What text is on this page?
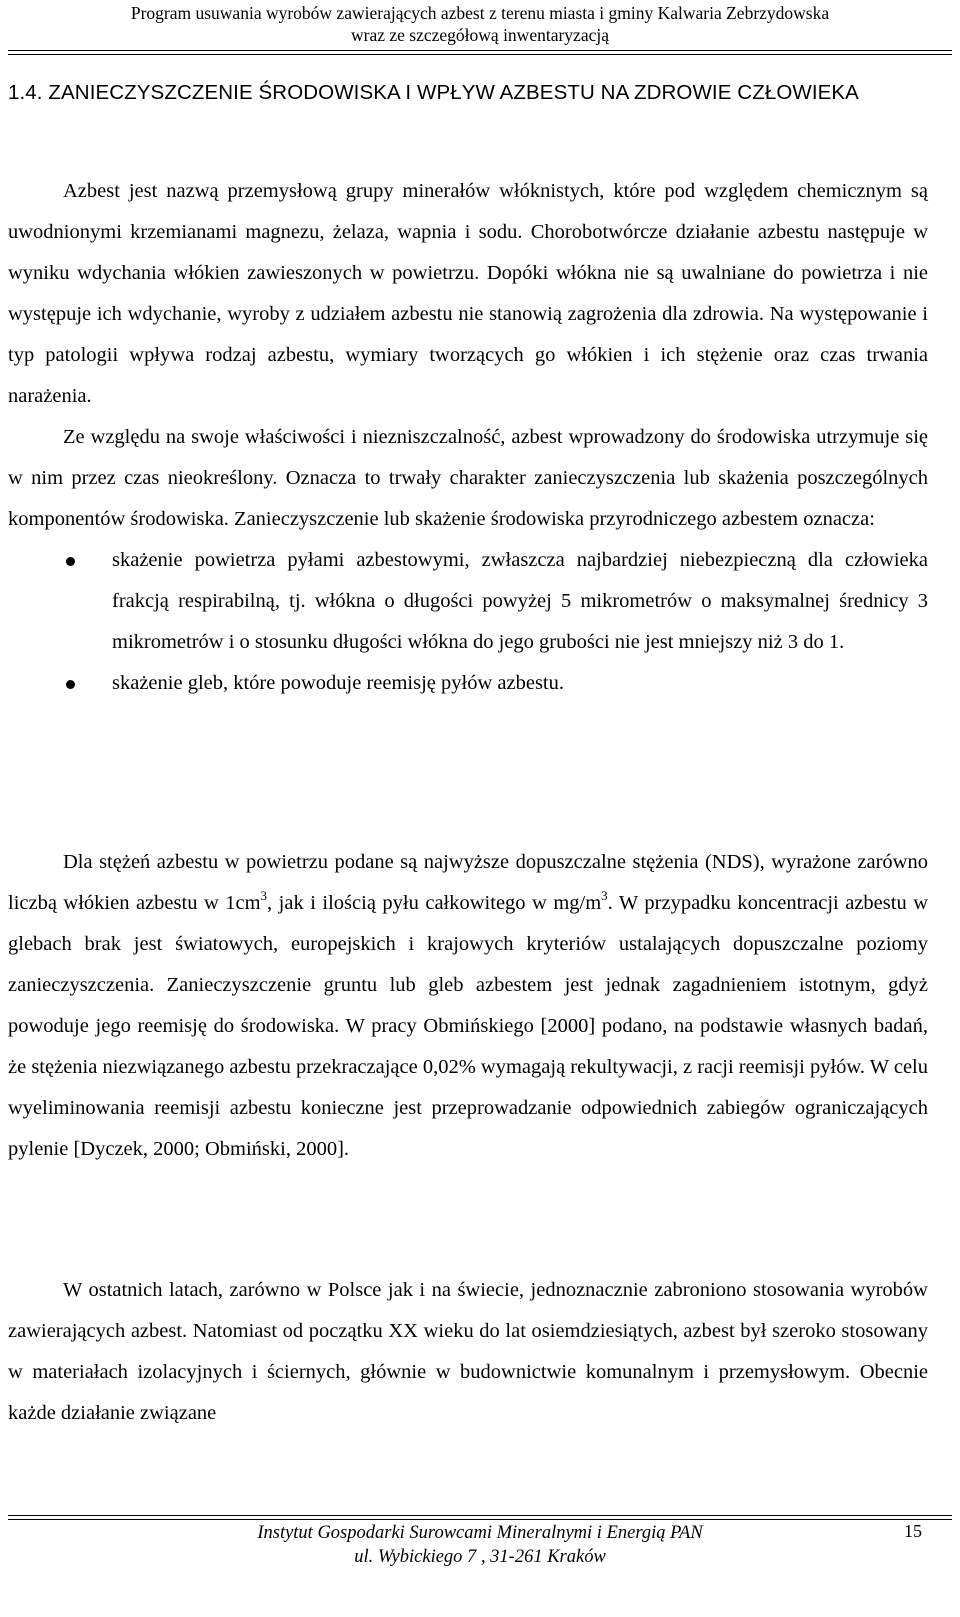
Program usuwania wyrobów zawierających azbest z terenu miasta i gminy Kalwaria Zebrzydowska
wraz ze szczegółową inwentaryzacją
1.4. ZANIECZYSZCZENIE ŚRODOWISKA I WPŁYW AZBESTU NA ZDROWIE CZŁOWIEKA

Azbest jest nazwą przemysłową grupy minerałów włóknistych, które pod względem chemicznym są uwodnionymi krzemianami magnezu, żelaza, wapnia i sodu. Chorobotwórcze działanie azbestu następuje w wyniku wdychania włókien zawieszonych w powietrzu. Dopóki włókna nie są uwalniane do powietrza i nie występuje ich wdychanie, wyroby z udziałem azbestu nie stanowią zagrożenia dla zdrowia. Na występowanie i typ patologii wpływa rodzaj azbestu, wymiary tworzących go włókien i ich stężenie oraz czas trwania narażenia.

Ze względu na swoje właściwości i niezniszczalność, azbest wprowadzony do środowiska utrzymuje się w nim przez czas nieokreślony. Oznacza to trwały charakter zanieczyszczenia lub skażenia poszczególnych komponentów środowiska. Zanieczyszczenie lub skażenie środowiska przyrodniczego azbestem oznacza:

skażenie powietrza pyłami azbestowymi, zwłaszcza najbardziej niebezpieczną dla człowieka frakcją respirabilną, tj. włókna o długości powyżej 5 mikrometrów o maksymalnej średnicy 3 mikrometrów i o stosunku długości włókna do jego grubości nie jest mniejszy niż 3 do 1.
skażenie gleb, które powoduje reemisję pyłów azbestu.

Dla stężeń azbestu w powietrzu podane są najwyższe dopuszczalne stężenia (NDS), wyrażone zarówno liczbą włókien azbestu w $1cm^3$, jak i ilością pyłu całkowitego w $mg/m^3$. W przypadku koncentracji azbestu w glebach brak jest światowych, europejskich i krajowych kryteriów ustalających dopuszczalne poziomy zanieczyszczenia. Zanieczyszczenie gruntu lub gleb azbestem jest jednak zagadnieniem istotnym, gdyż powoduje jego reemisję do środowiska. W pracy Obmińskiego [2000] podano, na podstawie własnych badań, że stężenia niezwiązanego azbestu przekraczające 0,02% wymagają rekultywacji, z racji reemisji pyłów. W celu wyeliminowania reemisji azbestu konieczne jest przeprowadzanie odpowiednich zabiegów ograniczających pylenie [Dyczek, 2000; Obmiński, 2000].

W ostatnich latach, zarówno w Polsce jak i na świecie, jednoznacznie zabroniono stosowania wyrobów zawierających azbest. Natomiast od początku XX wieku do lat osiemdziesiątych, azbest był szeroko stosowany w materiałach izolacyjnych i ściernych, głównie w budownictwie komunalnym i przemysłowym. Obecnie każde działanie związane

Instytut Gospodarki Surowcami Mineralnymi i Energią PAN
ul. Wybickiego 7 , 31-261 Kraków
15
